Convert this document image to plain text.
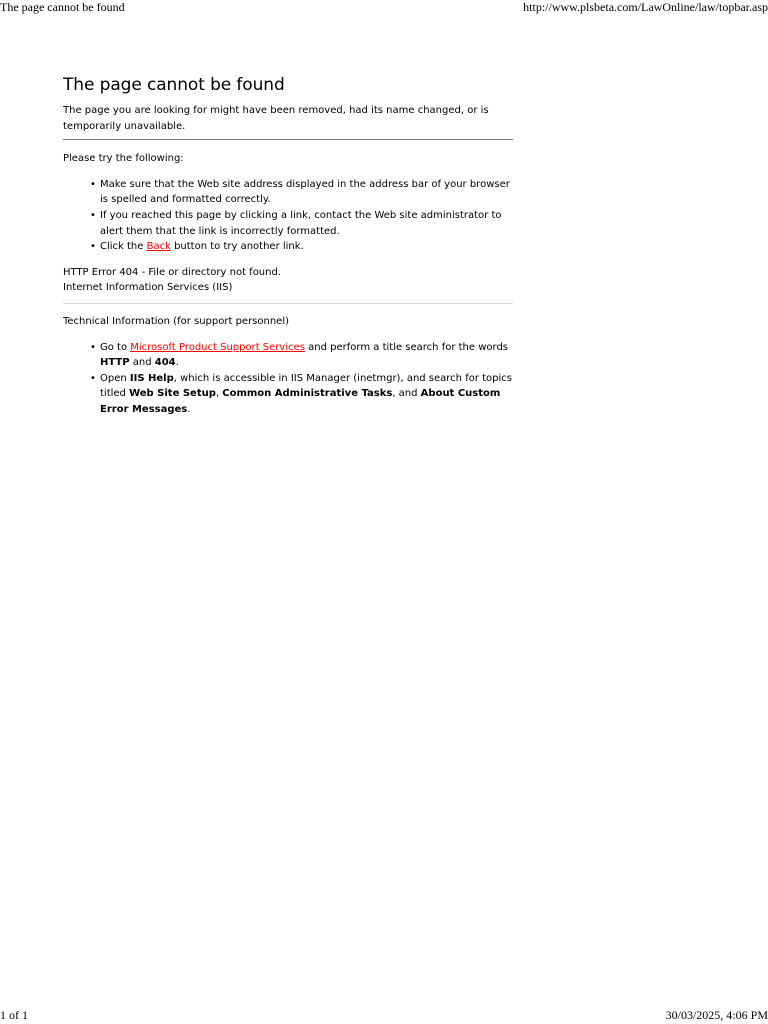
The page cannot be found	http://www.plsbeta.com/LawOnline/law/topbar.asp
The page cannot be found

The page you are looking for might have been removed, had its name changed, or is temporarily unavailable.

Please try the following:

• Make sure that the Web site address displayed in the address bar of your browser is spelled and formatted correctly.
• If you reached this page by clicking a link, contact the Web site administrator to alert them that the link is incorrectly formatted.
• Click the Back button to try another link.

HTTP Error 404 - File or directory not found.

Internet Information Services (IIS)

Technical Information (for support personnel)

• Go to Microsoft Product Support Services and perform a title search for the words HTTP and 404.
• Open IIS Help, which is accessible in IIS Manager (inetmgr), and search for topics titled Web Site Setup, Common Administrative Tasks, and About Custom Error Messages.
1 of 1	30/03/2025, 4:06 PM
